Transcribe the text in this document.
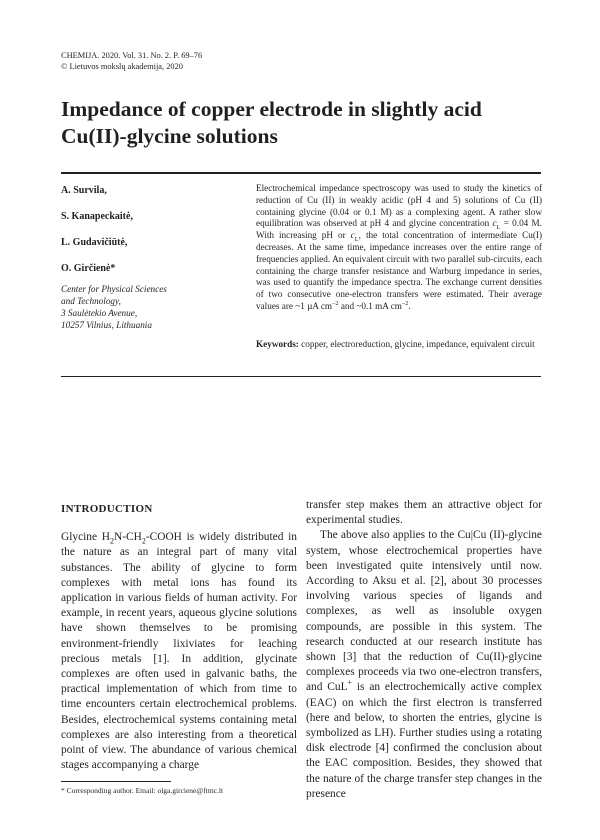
CHEMIJA. 2020. Vol. 31. No. 2. P. 69–76
© Lietuvos mokslų akademija, 2020
Impedance of copper electrode in slightly acid
Cu(II)-glycine solutions
A. Survila,
S. Kanapeckaitė,
L. Gudavičiūtė,
O. Girčienė*
Center for Physical Sciences
and Technology,
3 Saulėtekio Avenue,
10257 Vilnius, Lithuania

Electrochemical impedance spectroscopy was used to study the kinetics of reduction of Cu (II) in weakly acidic (pH 4 and 5) solutions of Cu (II) containing glycine (0.04 or 0.1 M) as a complexing agent. A rather slow equilibration was observed at pH 4 and glycine concentration $c_L = 0.04$ M. With increasing pH or $c_L$, the total concentration of intermediate Cu(I) decreases. At the same time, impedance increases over the entire range of frequencies applied. An equivalent circuit with two parallel sub-circuits, each containing the charge transfer resistance and Warburg impedance in series, was used to quantify the impedance spectra. The exchange current densities of two consecutive one-electron transfers were estimated. Their average values are ~1 µA $cm^{-2}$ and ~0.1 mA $cm^{-2}$.

Keywords: copper, electroreduction, glycine, impedance, equivalent circuit

INTRODUCTION

Glycine $H_2N-CH_2$-COOH is widely distributed in the nature as an integral part of many vital substances. The ability of glycine to form complexes with metal ions has found its application in various fields of human activity. For example, in recent years, aqueous glycine solutions have shown themselves to be promising environment-friendly lixiviates for leaching precious metals [1]. In addition, glycinate complexes are often used in galvanic baths, the practical implementation of which from time to time encounters certain electrochemical problems. Besides, electrochemical systems containing metal complexes are also interesting from a theoretical point of view. The abundance of various chemical stages accompanying a charge

transfer step makes them an attractive object for experimental studies.

The above also applies to the Cu|Cu (II)-glycine system, whose electrochemical properties have been investigated quite intensively until now. According to Aksu et al. [2], about 30 processes involving various species of ligands and complexes, as well as insoluble oxygen compounds, are possible in this system. The research conducted at our research institute has shown [3] that the reduction of Cu(II)-glycine complexes proceeds via two one-electron transfers, and CuL+ is an electrochemically active complex (EAC) on which the first electron is transferred (here and below, to shorten the entries, glycine is symbolized as LH). Further studies using a rotating disk electrode [4] confirmed the conclusion about the EAC composition. Besides, they showed that the nature of the charge transfer step changes in the presence

* Corresponding author. Email: olga.gircienе@ftmc.lt
